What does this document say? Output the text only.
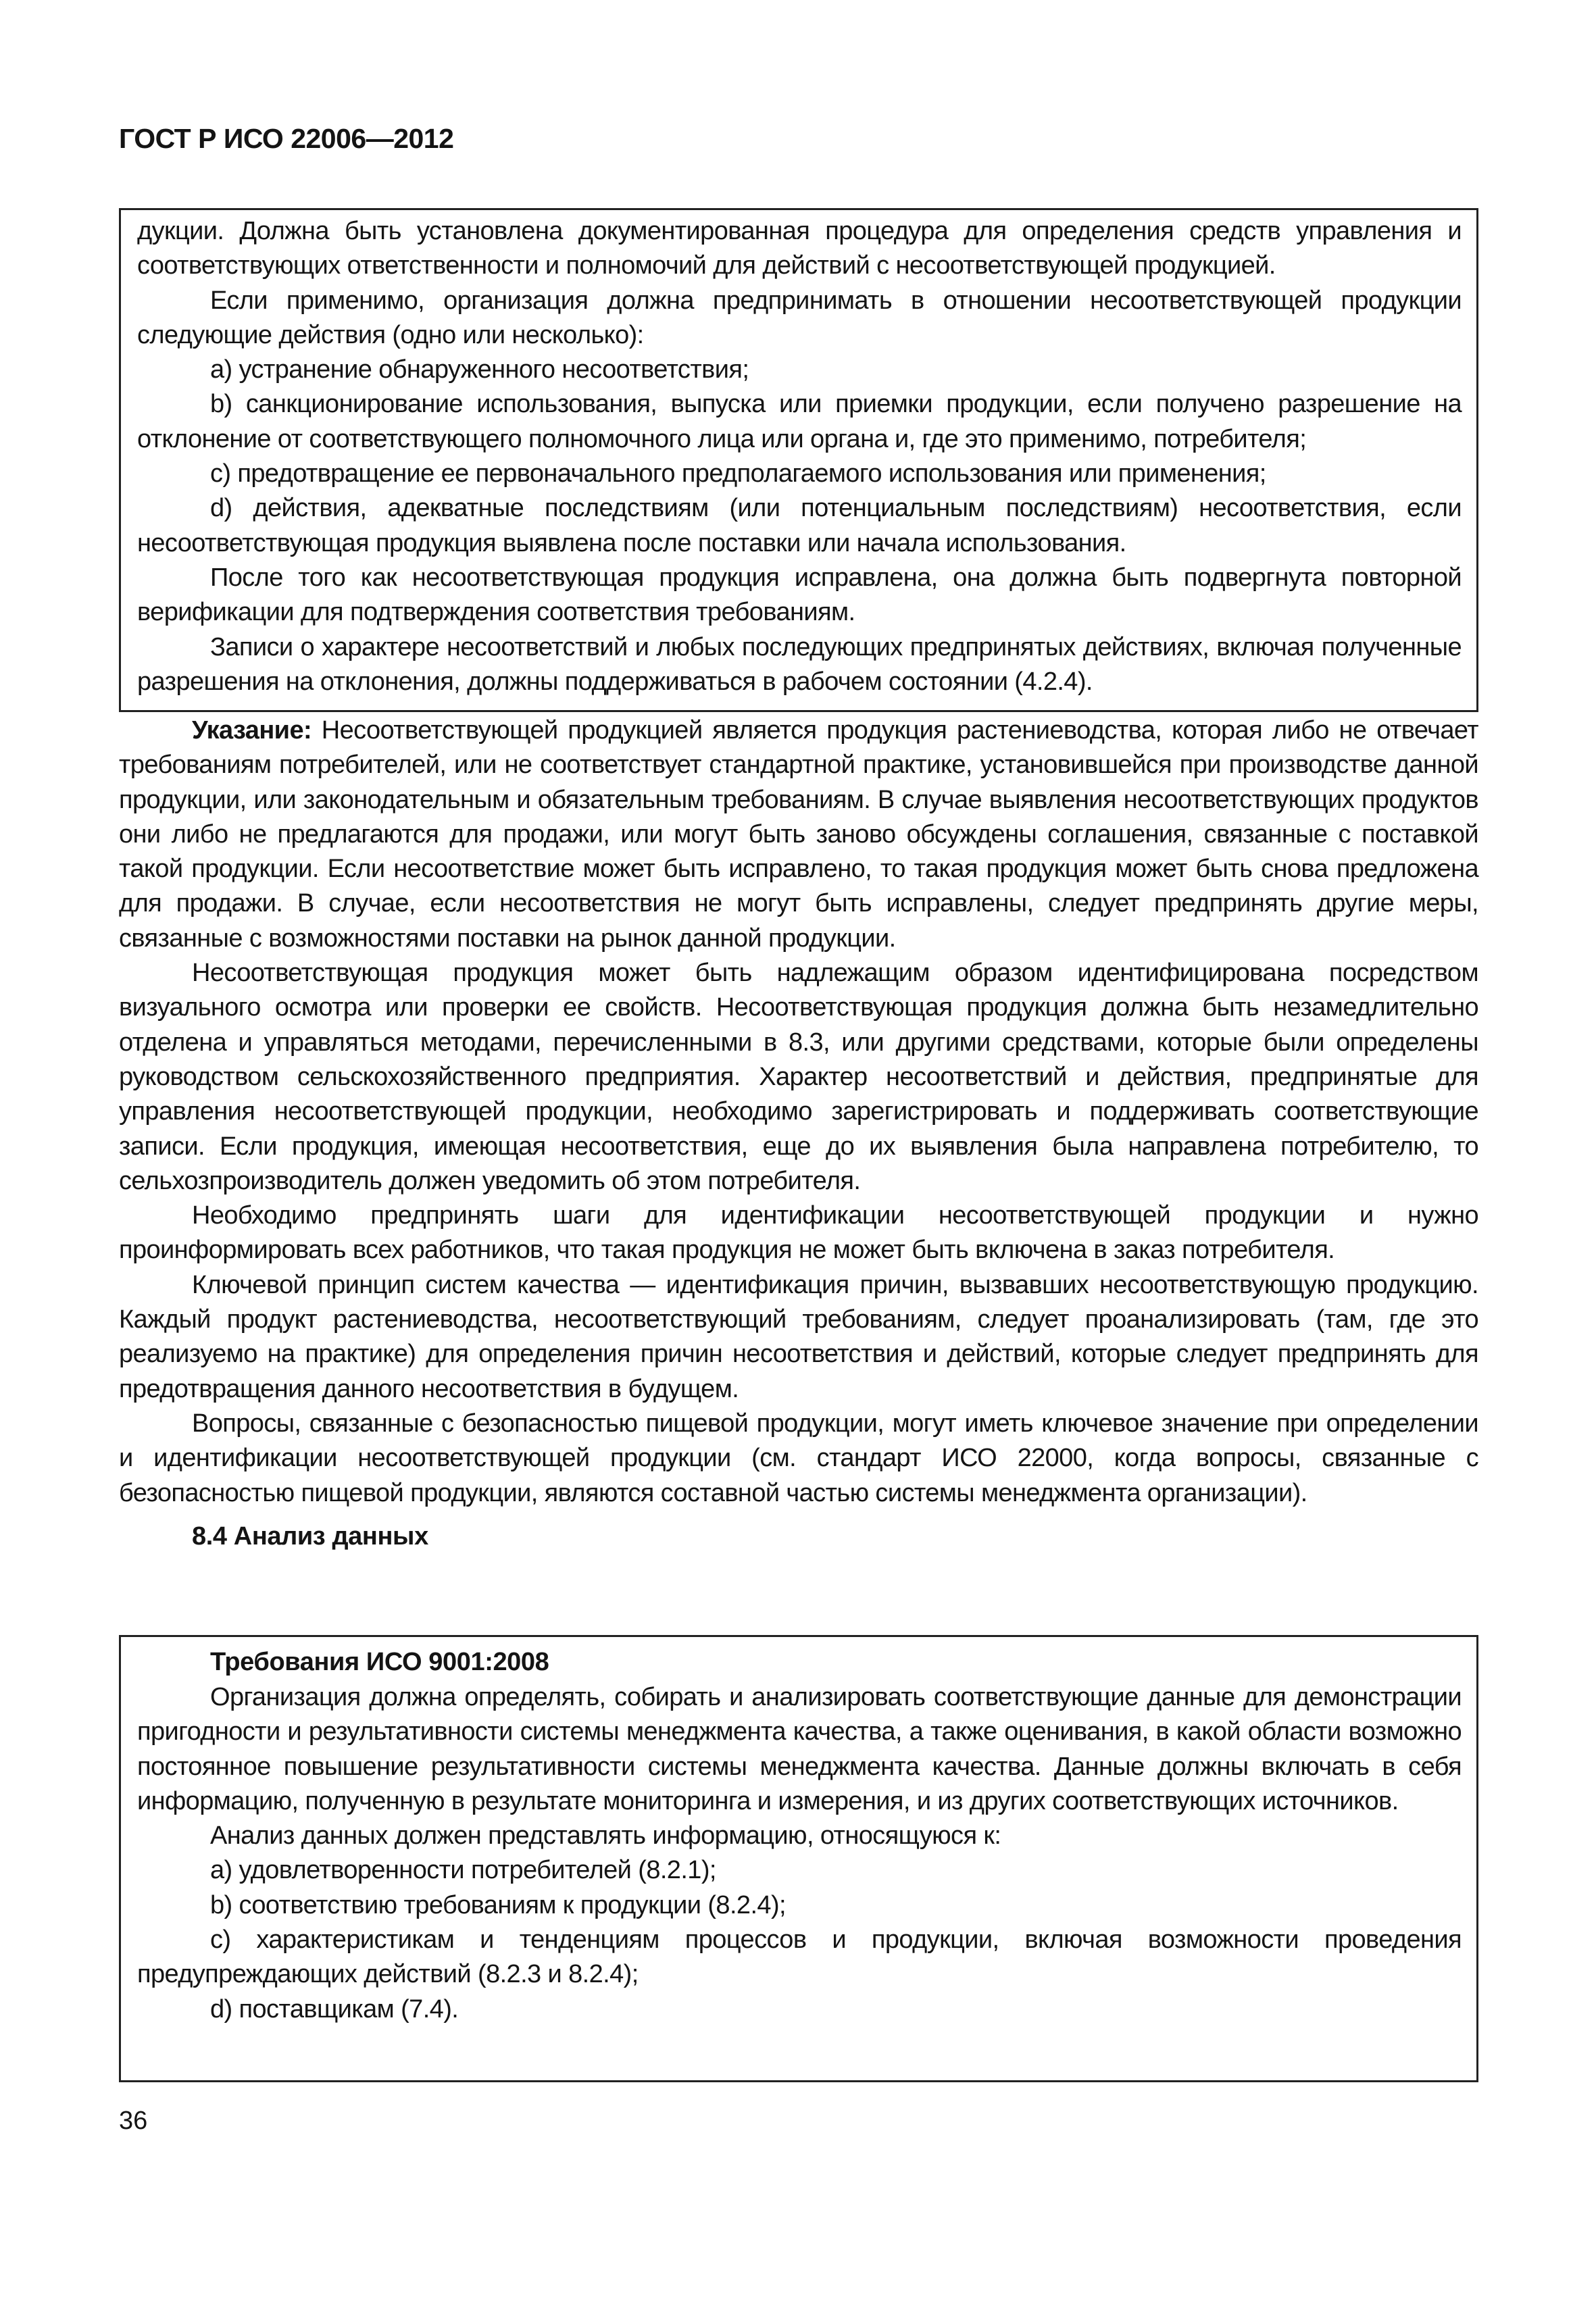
ГОСТ Р ИСО 22006—2012

дукции. Должна быть установлена документированная процедура для определения средств управления и соответствующих ответственности и полномочий для действий с несоответствующей продукцией.

Если применимо, организация должна предпринимать в отношении несоответствующей продукции следующие действия (одно или несколько):

a) устранение обнаруженного несоответствия;

b) санкционирование использования, выпуска или приемки продукции, если получено разрешение на отклонение от соответствующего полномочного лица или органа и, где это применимо, потребителя;

c) предотвращение ее первоначального предполагаемого использования или применения;

d) действия, адекватные последствиям (или потенциальным последствиям) несоответствия, если несоответствующая продукция выявлена после поставки или начала использования.

После того как несоответствующая продукция исправлена, она должна быть подвергнута повторной верификации для подтверждения соответствия требованиям.

Записи о характере несоответствий и любых последующих предпринятых действиях, включая полученные разрешения на отклонения, должны поддерживаться в рабочем состоянии (4.2.4).

Указание: Несоответствующей продукцией является продукция растениеводства, которая либо не отвечает требованиям потребителей, или не соответствует стандартной практике, установившейся при производстве данной продукции, или законодательным и обязательным требованиям. В случае выявления несоответствующих продуктов они либо не предлагаются для продажи, или могут быть заново обсуждены соглашения, связанные с поставкой такой продукции. Если несоответствие может быть исправлено, то такая продукция может быть снова предложена для продажи. В случае, если несоответствия не могут быть исправлены, следует предпринять другие меры, связанные с возможностями поставки на рынок данной продукции.

Несоответствующая продукция может быть надлежащим образом идентифицирована посредством визуального осмотра или проверки ее свойств. Несоответствующая продукция должна быть незамедлительно отделена и управляться методами, перечисленными в 8.3, или другими средствами, которые были определены руководством сельскохозяйственного предприятия. Характер несоответствий и действия, предпринятые для управления несоответствующей продукции, необходимо зарегистрировать и поддерживать соответствующие записи. Если продукция, имеющая несоответствия, еще до их выявления была направлена потребителю, то сельхозпроизводитель должен уведомить об этом потребителя.

Необходимо предпринять шаги для идентификации несоответствующей продукции и нужно проинформировать всех работников, что такая продукция не может быть включена в заказ потребителя.

Ключевой принцип систем качества — идентификация причин, вызвавших несоответствующую продукцию. Каждый продукт растениеводства, несоответствующий требованиям, следует проанализировать (там, где это реализуемо на практике) для определения причин несоответствия и действий, которые следует предпринять для предотвращения данного несоответствия в будущем.

Вопросы, связанные с безопасностью пищевой продукции, могут иметь ключевое значение при определении и идентификации несоответствующей продукции (см. стандарт ИСО 22000, когда вопросы, связанные с безопасностью пищевой продукции, являются составной частью системы менеджмента организации).

8.4 Анализ данных
Требования ИСО 9001:2008

Организация должна определять, собирать и анализировать соответствующие данные для демонстрации пригодности и результативности системы менеджмента качества, а также оценивания, в какой области возможно постоянное повышение результативности системы менеджмента качества. Данные должны включать в себя информацию, полученную в результате мониторинга и измерения, и из других соответствующих источников.

Анализ данных должен представлять информацию, относящуюся к:

a) удовлетворенности потребителей (8.2.1);

b) соответствию требованиям к продукции (8.2.4);

c) характеристикам и тенденциям процессов и продукции, включая возможности проведения предупреждающих действий (8.2.3 и 8.2.4);

d) поставщикам (7.4).

36
